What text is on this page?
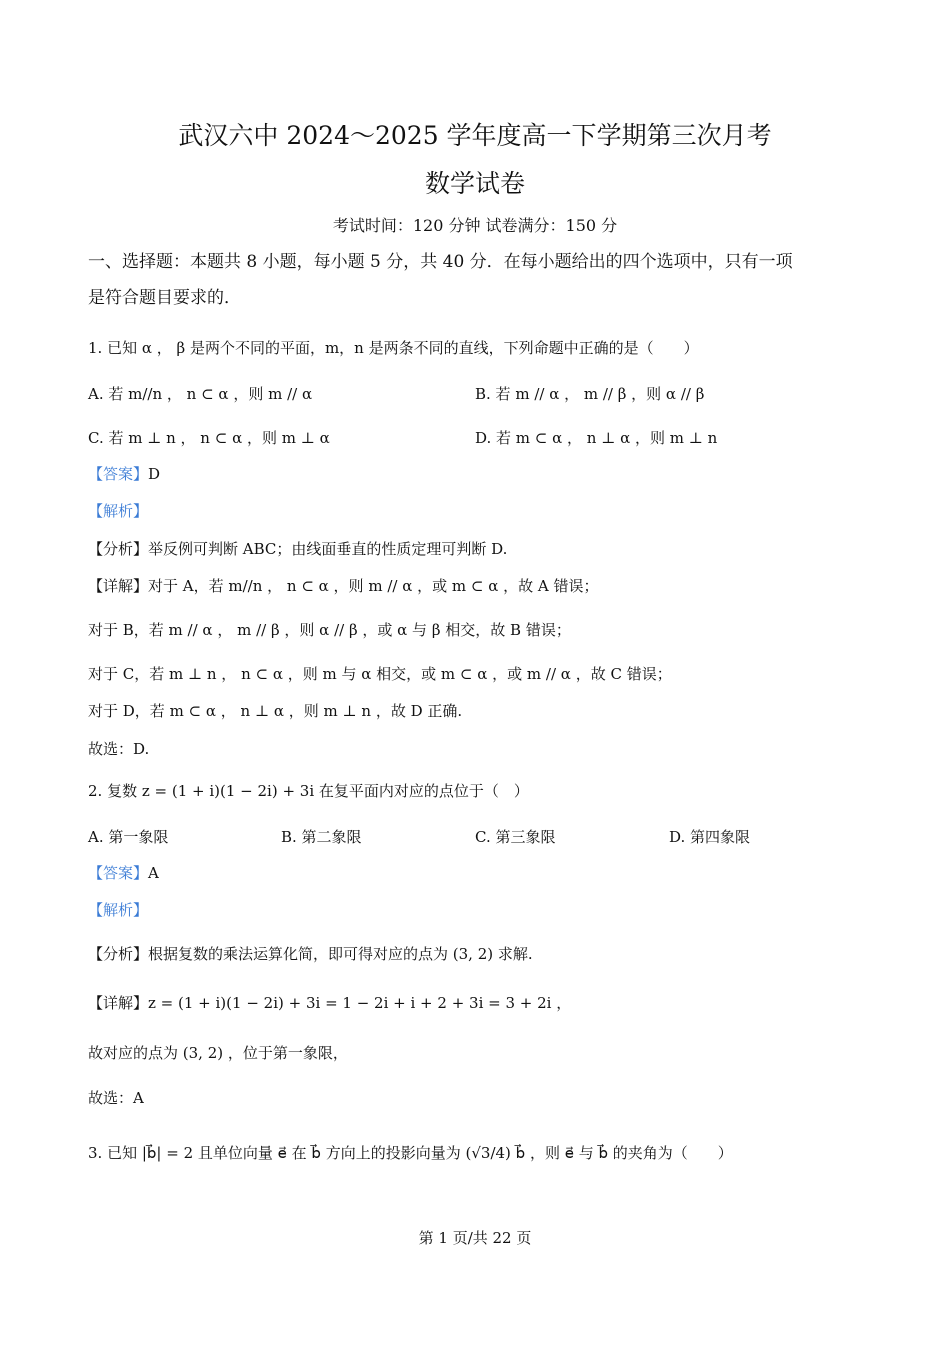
武汉六中 2024～2025 学年度高一下学期第三次月考
数学试卷
考试时间：120 分钟 试卷满分：150 分
一、选择题：本题共 8 小题，每小题 5 分，共 40 分．在每小题给出的四个选项中，只有一项
是符合题目要求的．
1. 已知 α ， β 是两个不同的平面，m，n 是两条不同的直线，下列命题中正确的是（　　）
A. 若 m//n ， n ⊂ α ，则 m // α	B. 若 m // α ， m // β ，则 α // β
C. 若 m ⊥ n ， n ⊂ α ，则 m ⊥ α	D. 若 m ⊂ α ， n ⊥ α ，则 m ⊥ n
【答案】D
【解析】
【分析】举反例可判断 ABC；由线面垂直的性质定理可判断 D.
【详解】对于 A，若 m//n ， n ⊂ α ，则 m // α ，或 m ⊂ α ，故 A 错误；
对于 B，若 m // α ， m // β ，则 α // β ，或 α 与 β 相交，故 B 错误；
对于 C，若 m ⊥ n ， n ⊂ α ，则 m 与 α 相交，或 m ⊂ α ，或 m // α ，故 C 错误；
对于 D，若 m ⊂ α ， n ⊥ α ，则 m ⊥ n ，故 D 正确.
故选：D.
2. 复数 z = (1 + i)(1 − 2i) + 3i 在复平面内对应的点位于（　）
A. 第一象限	B. 第二象限	C. 第三象限	D. 第四象限
【答案】A
【解析】
【分析】根据复数的乘法运算化简，即可得对应的点为 (3, 2) 求解.
【详解】z = (1 + i)(1 − 2i) + 3i = 1 − 2i + i + 2 + 3i = 3 + 2i ，
故对应的点为 (3, 2) ，位于第一象限，
故选：A
3. 已知 |b⃗| = 2 且单位向量 e⃗ 在 b⃗ 方向上的投影向量为 (√3/4) b⃗ ，则 e⃗ 与 b⃗ 的夹角为（　　）
第 1 页/共 22 页
